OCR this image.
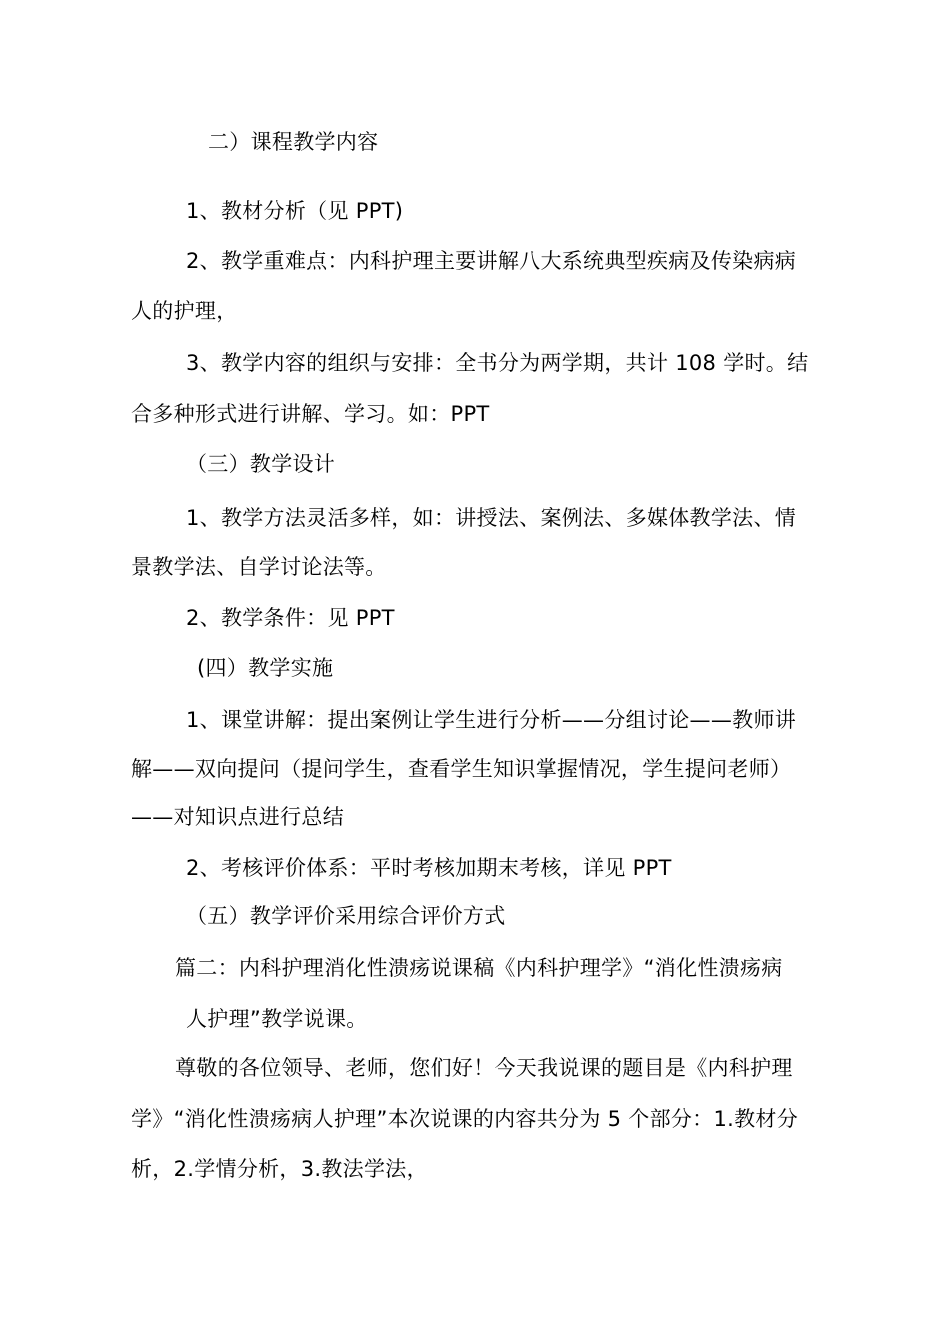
二）课程教学内容
1、教材分析（见 PPT)
2、教学重难点：内科护理主要讲解八大系统典型疾病及传染病病
人的护理，
3、教学内容的组织与安排：全书分为两学期，共计 108 学时。结
合多种形式进行讲解、学习。如：PPT
（三）教学设计
1、教学方法灵活多样，如：讲授法、案例法、多媒体教学法、情
景教学法、自学讨论法等。
2、教学条件：见 PPT
(四）教学实施
1、课堂讲解：提出案例让学生进行分析——分组讨论——教师讲
解——双向提问（提问学生，查看学生知识掌握情况，学生提问老师）
——对知识点进行总结
2、考核评价体系：平时考核加期末考核，详见 PPT
（五）教学评价采用综合评价方式
篇二：内科护理消化性溃疡说课稿《内科护理学》“消化性溃疡病
人护理”教学说课。
尊敬的各位领导、老师，您们好！今天我说课的题目是《内科护理
学》“消化性溃疡病人护理”本次说课的内容共分为 5 个部分：1.教材分
析，2.学情分析，3.教法学法，
